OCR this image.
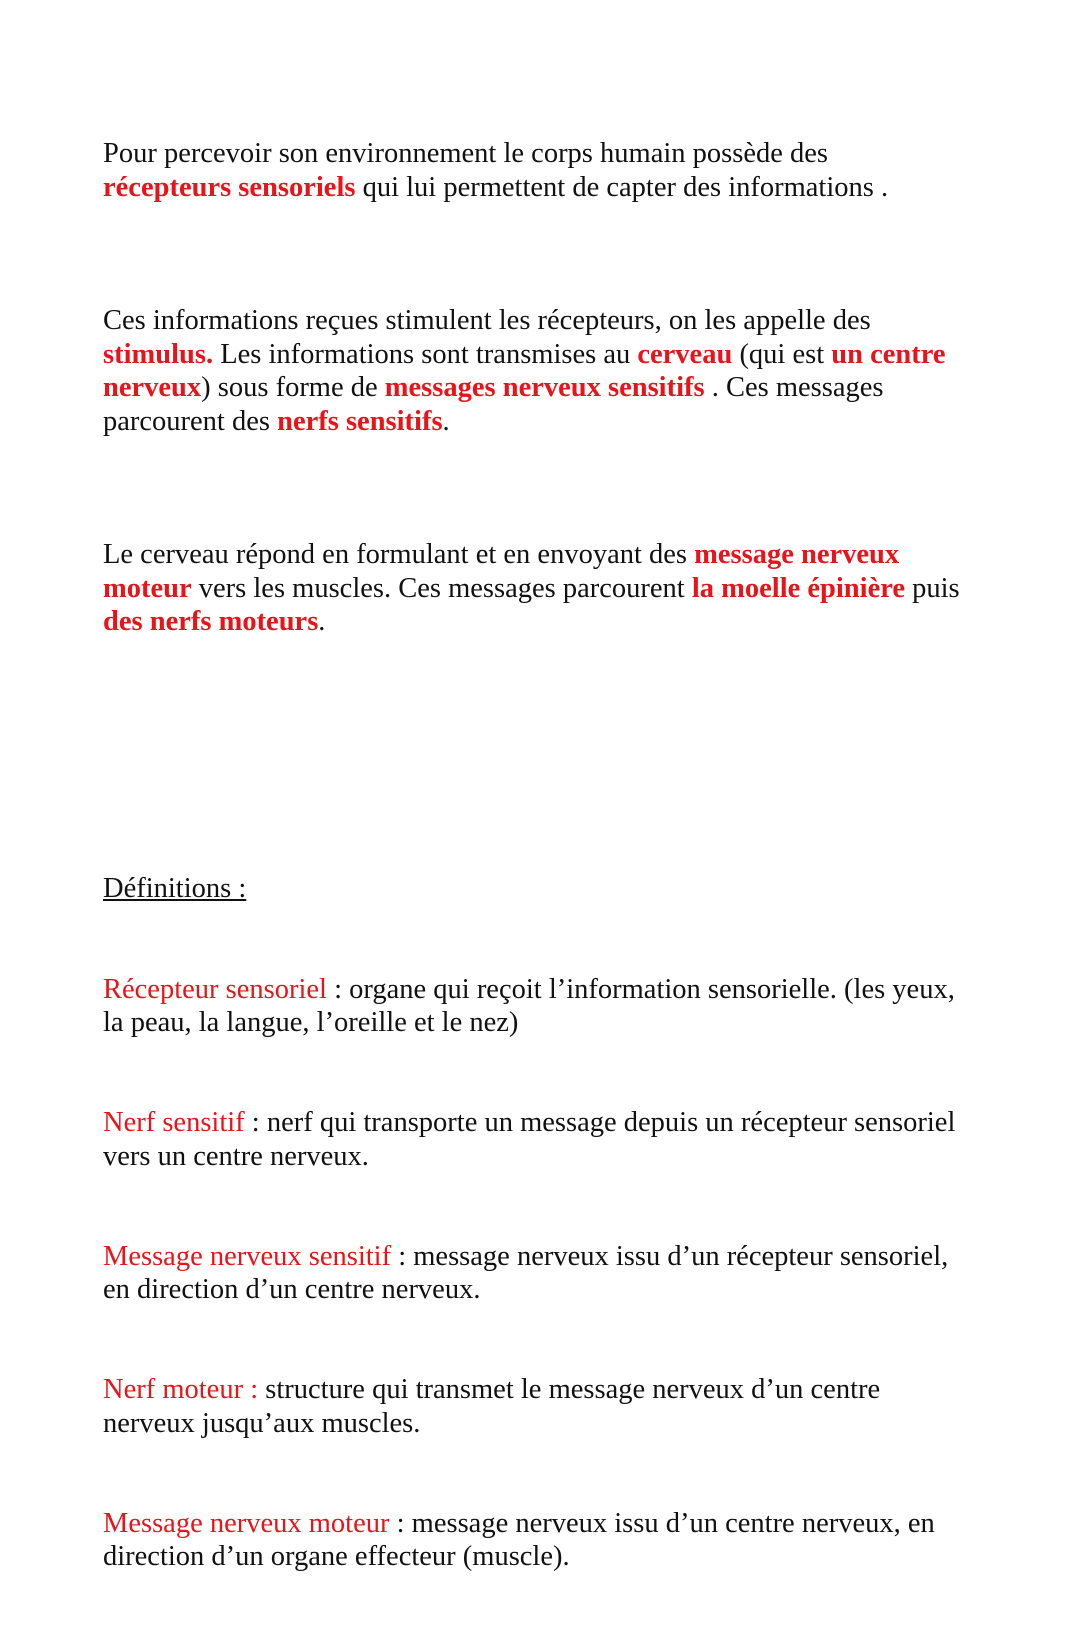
Pour percevoir son environnement le corps humain possède des
récepteurs sensoriels qui lui permettent de capter des informations .

Ces informations reçues stimulent les récepteurs, on les appelle des
stimulus. Les informations sont transmises au cerveau (qui est un centre
nerveux) sous forme de messages nerveux sensitifs . Ces messages
parcourent des nerfs sensitifs.

Le cerveau répond en formulant et en envoyant des message nerveux
moteur vers les muscles. Ces messages parcourent la moelle épinière puis
des nerfs moteurs.

Définitions :

Récepteur sensoriel : organe qui reçoit l’information sensorielle. (les yeux,
la peau, la langue, l’oreille et le nez)

Nerf sensitif : nerf qui transporte un message depuis un récepteur sensoriel
vers un centre nerveux.

Message nerveux sensitif : message nerveux issu d’un récepteur sensoriel,
en direction d’un centre nerveux.

Nerf moteur : structure qui transmet le message nerveux d’un centre
nerveux jusqu’aux muscles.

Message nerveux moteur : message nerveux issu d’un centre nerveux, en
direction d’un organe effecteur (muscle).
